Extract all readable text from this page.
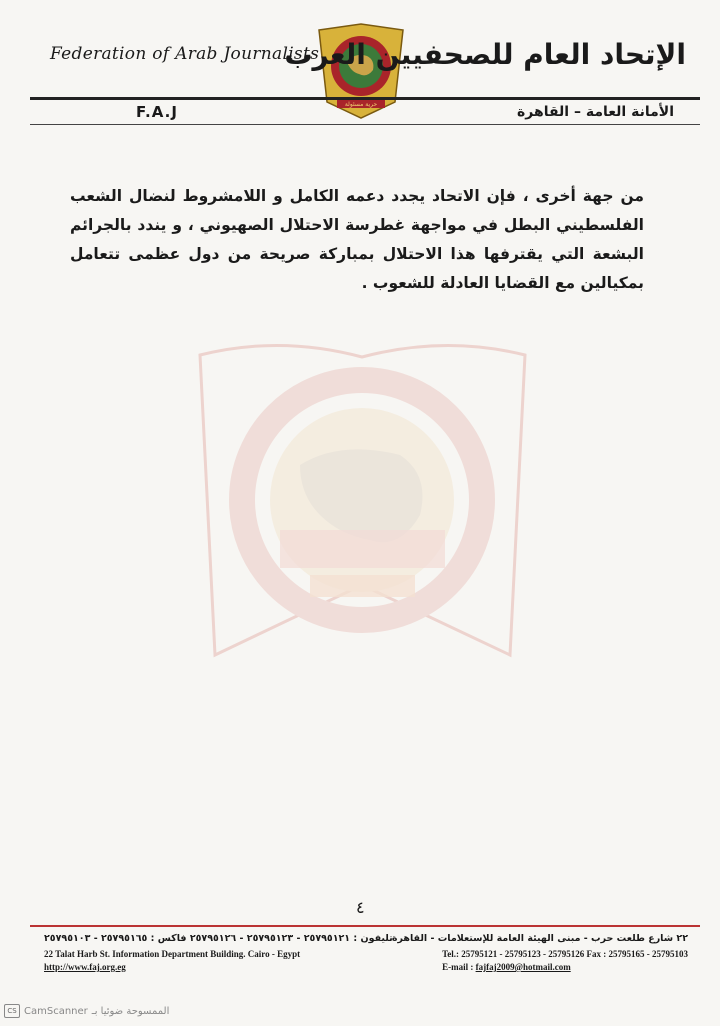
Federation of Arab Journalists
حرية مسئولة
الإتحاد العام للصحفيين العرب
F.A.J	الأمانة العامة – القاهرة
من جهة أخرى ، فإن الاتحاد يجدد دعمه الكامل و اللامشروط لنضال الشعب الفلسطيني البطل في مواجهة غطرسة الاحتلال الصهيوني ، و يندد بالجرائم البشعة التي يقترفها هذا الاحتلال بمباركة صريحة من دول عظمى تتعامل بمكيالين مع القضايا العادلة للشعوب .
٤
٢٢ شارع طلعت حرب - مبنى الهيئة العامة للإستعلامات - القاهرة
تليفون : ٢٥٧٩٥١٢١ - ٢٥٧٩٥١٢٣ - ٢٥٧٩٥١٢٦ فاكس : ٢٥٧٩٥١٦٥ - ٢٥٧٩٥١٠٣
22 Talat Harb St. Information Department Building. Cairo - Egypt
http://www.faj.org.eg
Tel.: 25795121 - 25795123 - 25795126 Fax : 25795165 - 25795103
E-mail : fajfaj2009@hotmail.com
CS CamScanner الممسوحة ضوئيا بـ
